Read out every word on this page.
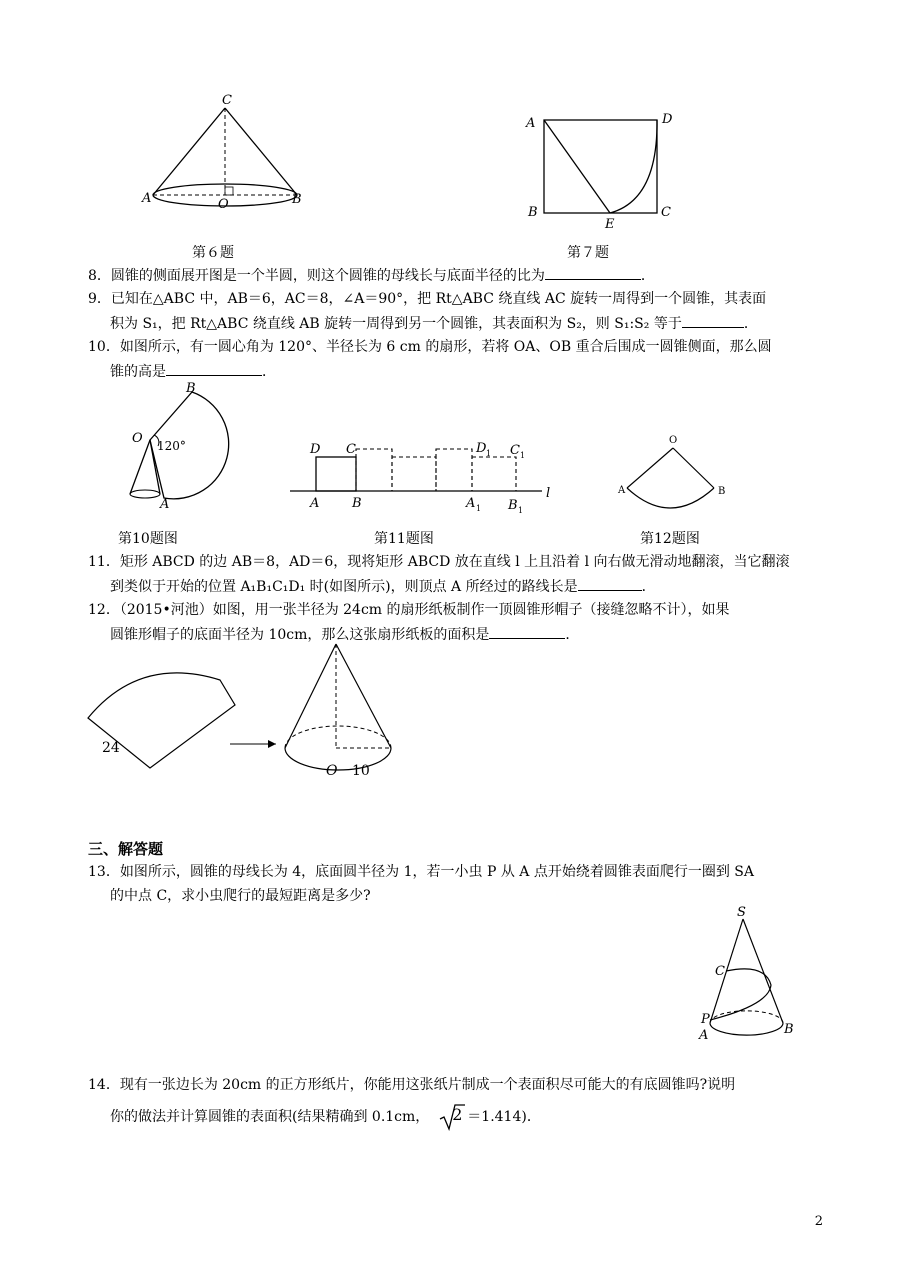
C
A	O	B
第６题
A	D
B
E
C
第７题
8．圆锥的侧面展开图是一个半圆，则这个圆锥的母线长与底面半径的比为	．
9．已知在△ABC 中，AB＝6，AC＝8，∠A＝90°，把 Rt△ABC 绕直线 AC 旋转一周得到一个圆锥，其表面
积为 S₁，把 Rt△ABC 绕直线 AB 旋转一周得到另一个圆锥，其表面积为 S₂，则 S₁:S₂ 等于	．
10．如图所示，有一圆心角为 120°、半径长为 6 cm 的扇形，若将 OA、OB 重合后围成一圆锥侧面，那么圆
锥的高是	．
B
O 120°
A
第10题图
D C	D 1 C 1
A	B	A 1 B 1
l
第11题图
O
A	B
第12题图
11．矩形 ABCD 的边 AB＝8，AD＝6，现将矩形 ABCD 放在直线 l 上且沿着 l 向右做无滑动地翻滚，当它翻滚
到类似于开始的位置 A₁B₁C₁D₁ 时(如图所示)，则顶点 A 所经过的路线长是	．
12．（2015•河池）如图，用一张半径为 24cm 的扇形纸板制作一顶圆锥形帽子（接缝忽略不计），如果
圆锥形帽子的底面半径为 10cm，那么这张扇形纸板的面积是	．
24
O 10
三、解答题
13．如图所示，圆锥的母线长为 4，底面圆半径为 1，若一小虫 P 从 A 点开始绕着圆锥表面爬行一圈到 SA
的中点 C，求小虫爬行的最短距离是多少?
S
C
P
A	B
14．现有一张边长为 20cm 的正方形纸片，你能用这张纸片制成一个表面积尽可能大的有底圆锥吗?说明
你的做法并计算圆锥的表面积(结果精确到 0.1cm， 2 ＝1.414)．
2
